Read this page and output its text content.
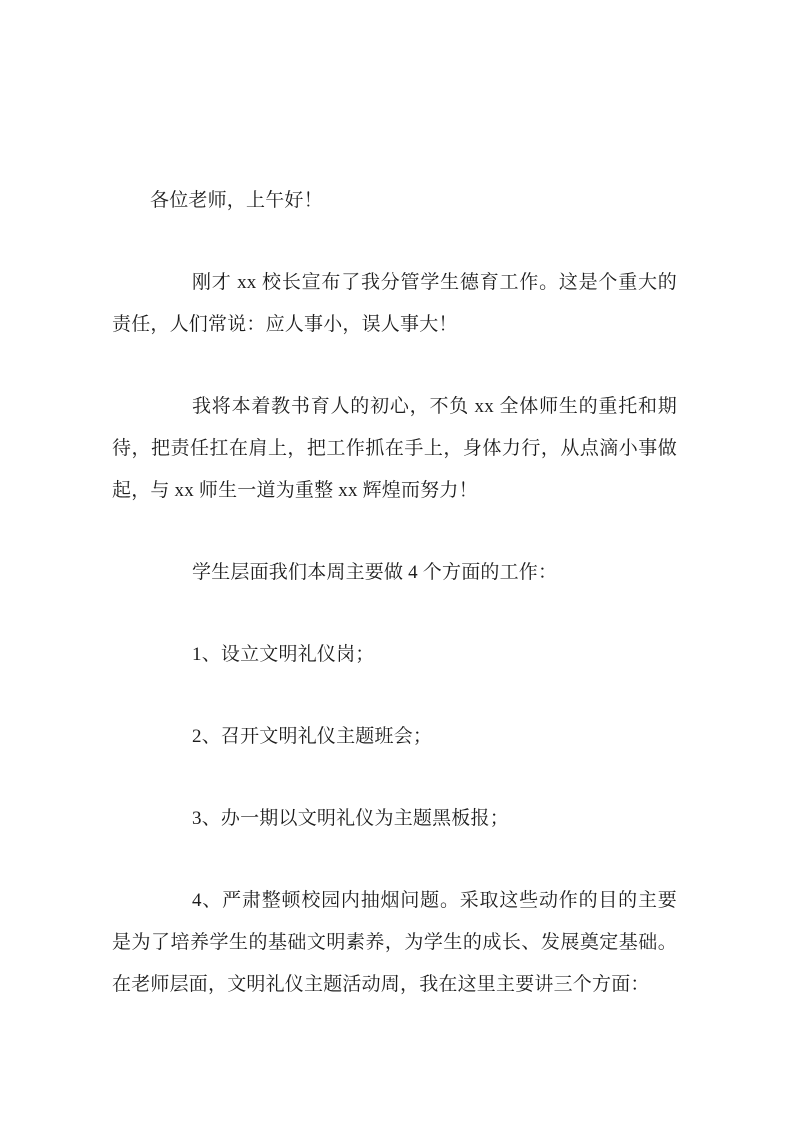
各位老师，上午好！

刚才 xx 校长宣布了我分管学生德育工作。这是个重大的责任，人们常说：应人事小，误人事大！

我将本着教书育人的初心，不负 xx 全体师生的重托和期待，把责任扛在肩上，把工作抓在手上，身体力行，从点滴小事做起，与 xx 师生一道为重整 xx 辉煌而努力！

学生层面我们本周主要做 4 个方面的工作：

1、设立文明礼仪岗；

2、召开文明礼仪主题班会；

3、办一期以文明礼仪为主题黑板报；

4、严肃整顿校园内抽烟问题。采取这些动作的目的主要是为了培养学生的基础文明素养，为学生的成长、发展奠定基础。在老师层面，文明礼仪主题活动周，我在这里主要讲三个方面：
